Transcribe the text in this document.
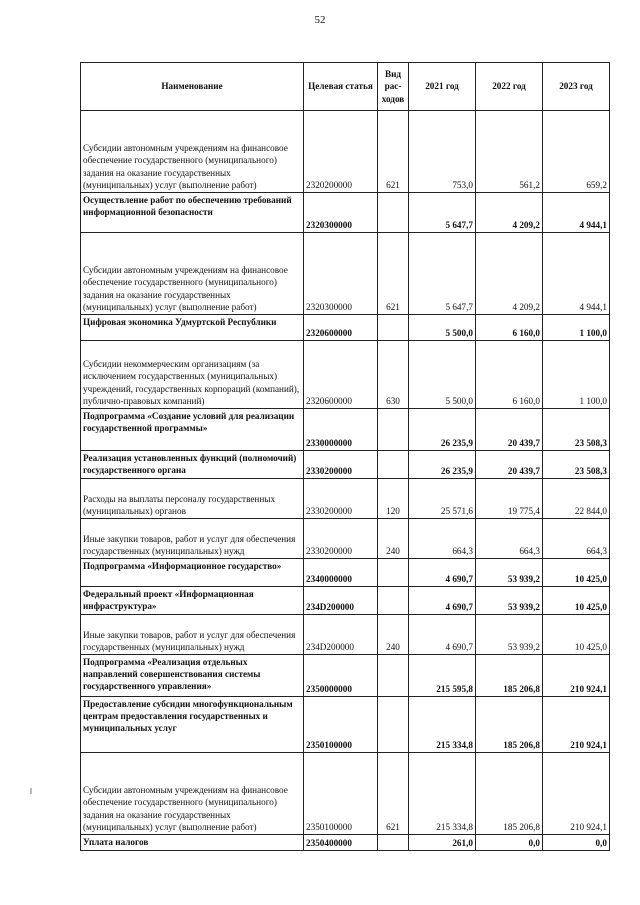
52
Наименование	Целевая статья	Вид рас-ходов	2021 год	2022 год	2023 год
Субсидии автономным учреждениям на финансовое обеспечение государственного (муниципального) задания на оказание государственных (муниципальных) услуг (выполнение работ)	2320200000	621	753,0	561,2	659,2
Осуществление работ по обеспечению требований информационной безопасности	2320300000		5 647,7	4 209,2	4 944,1
Субсидии автономным учреждениям на финансовое обеспечение государственного (муниципального) задания на оказание государственных (муниципальных) услуг (выполнение работ)	2320300000	621	5 647,7	4 209,2	4 944,1
Цифровая экономика Удмуртской Республики	2320600000		5 500,0	6 160,0	1 100,0
Субсидии некоммерческим организациям (за исключением государственных (муниципальных) учреждений, государственных корпораций (компаний), публично-правовых компаний)	2320600000	630	5 500,0	6 160,0	1 100,0
Подпрограмма «Создание условий для реализации государственной программы»	2330000000		26 235,9	20 439,7	23 508,3
Реализация установленных функций (полномочий) государственного органа	2330200000		26 235,9	20 439,7	23 508,3
Расходы на выплаты персоналу государственных (муниципальных) органов	2330200000	120	25 571,6	19 775,4	22 844,0
Иные закупки товаров, работ и услуг для обеспечения государственных (муниципальных) нужд	2330200000	240	664,3	664,3	664,3
Подпрограмма «Информационное государство»	2340000000		4 690,7	53 939,2	10 425,0
Федеральный проект «Информационная инфраструктура»	234D200000		4 690,7	53 939,2	10 425,0
Иные закупки товаров, работ и услуг для обеспечения государственных (муниципальных) нужд	234D200000	240	4 690,7	53 939,2	10 425,0
Подпрограмма «Реализация отдельных направлений совершенствования системы государственного управления»	2350000000		215 595,8	185 206,8	210 924,1
Предоставление субсидии многофункциональным центрам предоставления государственных и муниципальных услуг	2350100000		215 334,8	185 206,8	210 924,1
Субсидии автономным учреждениям на финансовое обеспечение государственного (муниципального) задания на оказание государственных (муниципальных) услуг (выполнение работ)	2350100000	621	215 334,8	185 206,8	210 924,1
Уплата налогов	2350400000		261,0	0,0	0,0
